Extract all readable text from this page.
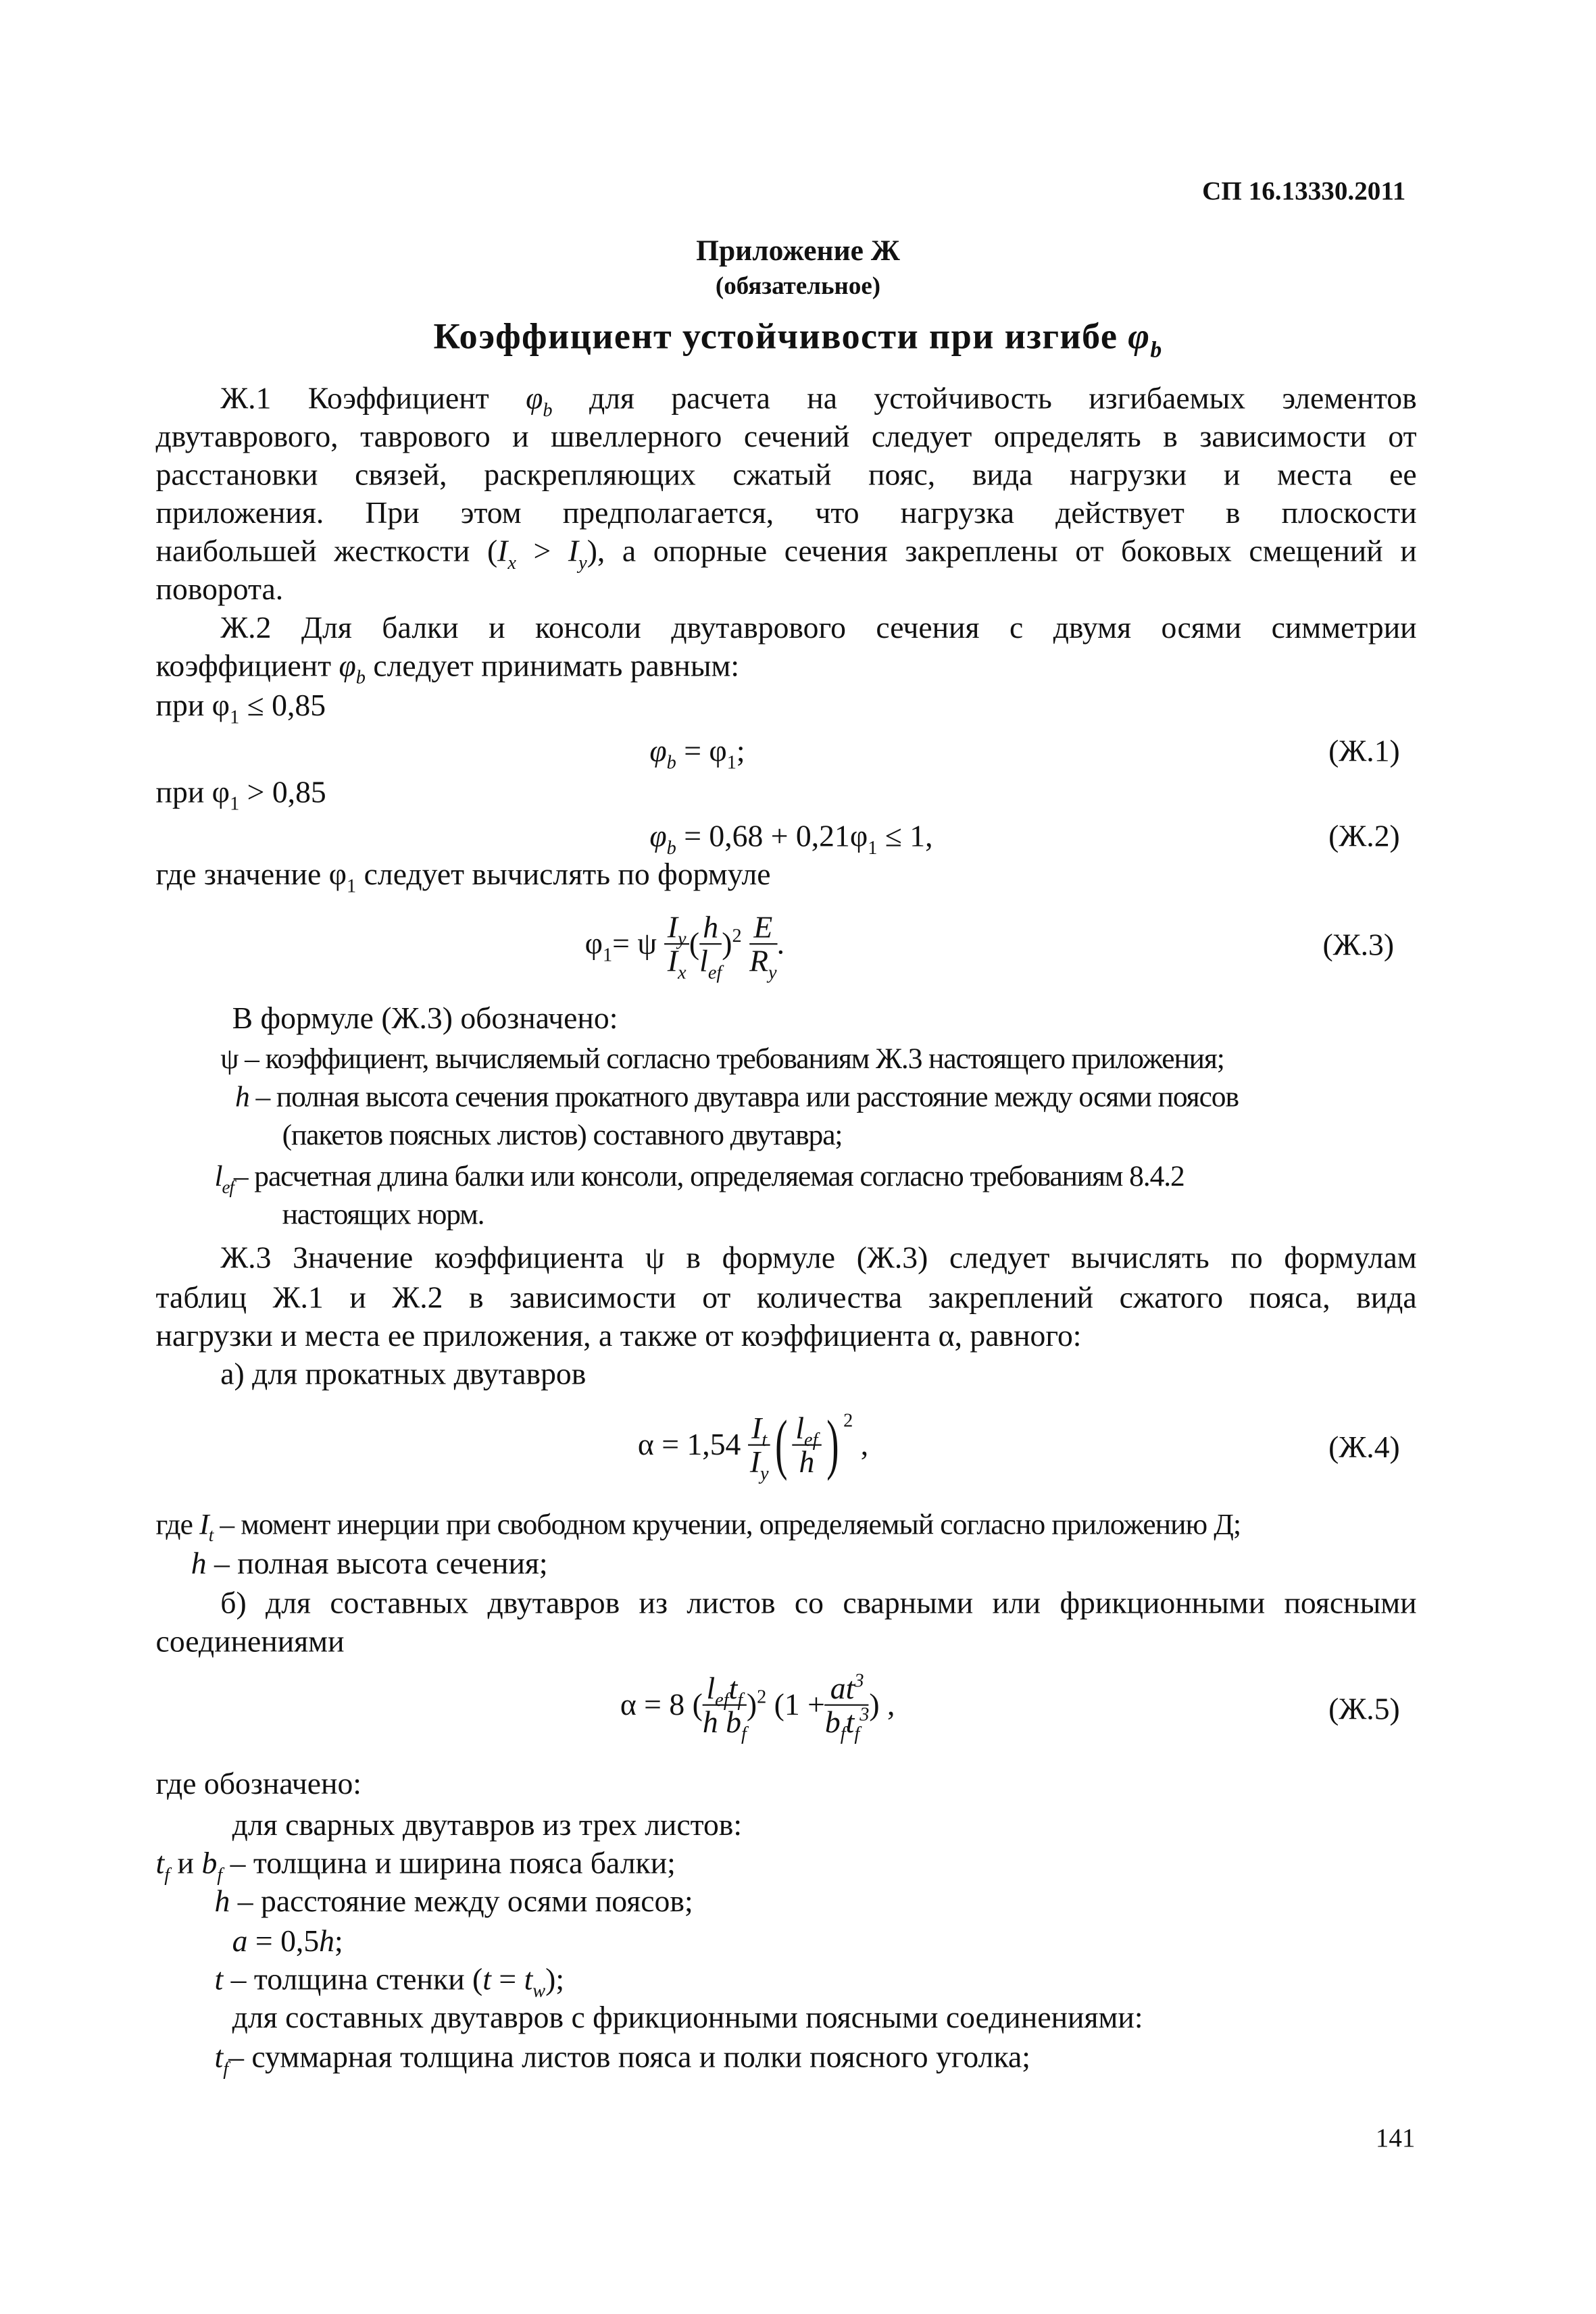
СП 16.13330.2011
Приложение Ж
(обязательное)
Коэффициент устойчивости при изгибе $\varphi_b$
Ж.1 Коэффициент	$\varphi_b$	для расчета на устойчивость изгибаемых элементов
двутаврового, таврового и швеллерного сечений следует определять в зависимости от
расстановки связей, раскрепляющих сжатый пояс, вида нагрузки и места ее
приложения. При этом предполагается, что нагрузка действует в плоскости
наибольшей жесткости $(I_x > I_y)$, а опорные сечения закреплены от боковых смещений и
поворота.
Ж.2 Для балки и консоли двутаврового сечения с двумя осями симметрии
коэффициент $\varphi_b$ следует принимать равным:
при $\varphi_1 \le 0,85$
$\varphi_b = \varphi_1$;	(Ж.1)
при $\varphi_1 > 0,85$
$\varphi_b = 0,68 + 0,21\varphi_1 \le 1$,	(Ж.2)
где значение $\varphi_1$ следует вычислять по формуле
$\varphi_1 = \psi \frac{I_y}{I_x}$ ( $\frac{h}{l_{ef}} )^2 \frac{E}{R_y}$ .	(Ж.3)
В формуле (Ж.3) обозначено:
ψ – коэффициент, вычисляемый согласно требованиям Ж.3 настоящего приложения;
h – полная высота сечения прокатного двутавра или расстояние между осями поясов
(пакетов поясных листов) составного двутавра;
$l_{ef}-$ расчетная длина балки или консоли, определяемая согласно требованиям 8.4.2
настоящих норм.
Ж.3 Значение коэффициента ψ в формуле (Ж.3) следует вычислять по формулам
таблиц Ж.1 и Ж.2 в зависимости от количества закреплений сжатого пояса, вида
нагрузки и места ее приложения, а также от коэффициента α, равного:
а) для прокатных двутавров
α = 1,54
$\frac{I_t}{I_y}$ ( $\frac{l_{ef}}{h}$ ) $^2$
,	(Ж.4)
где $I_t$ – момент инерции при свободном кручении, определяемый согласно приложению Д;
h – полная высота сечения;
б) для составных двутавров из листов со сварными или фрикционными поясными
соединениями
α = 8 ( $\frac{l_{ef}t_f}{h b_f} )^2$ ($1 + \frac{at^3}{b_ft_f^3}$ ) ,	(Ж.5)
где обозначено:
для сварных двутавров из трех листов:
$t_f$ и $b_f$ – толщина и ширина пояса балки;
h – расстояние между осями поясов;
a = 0,5h;
t – толщина стенки $(t = t_w)$;
для составных двутавров с фрикционными поясными соединениями:
$t_f-$ суммарная толщина листов пояса и полки поясного уголка;
141
